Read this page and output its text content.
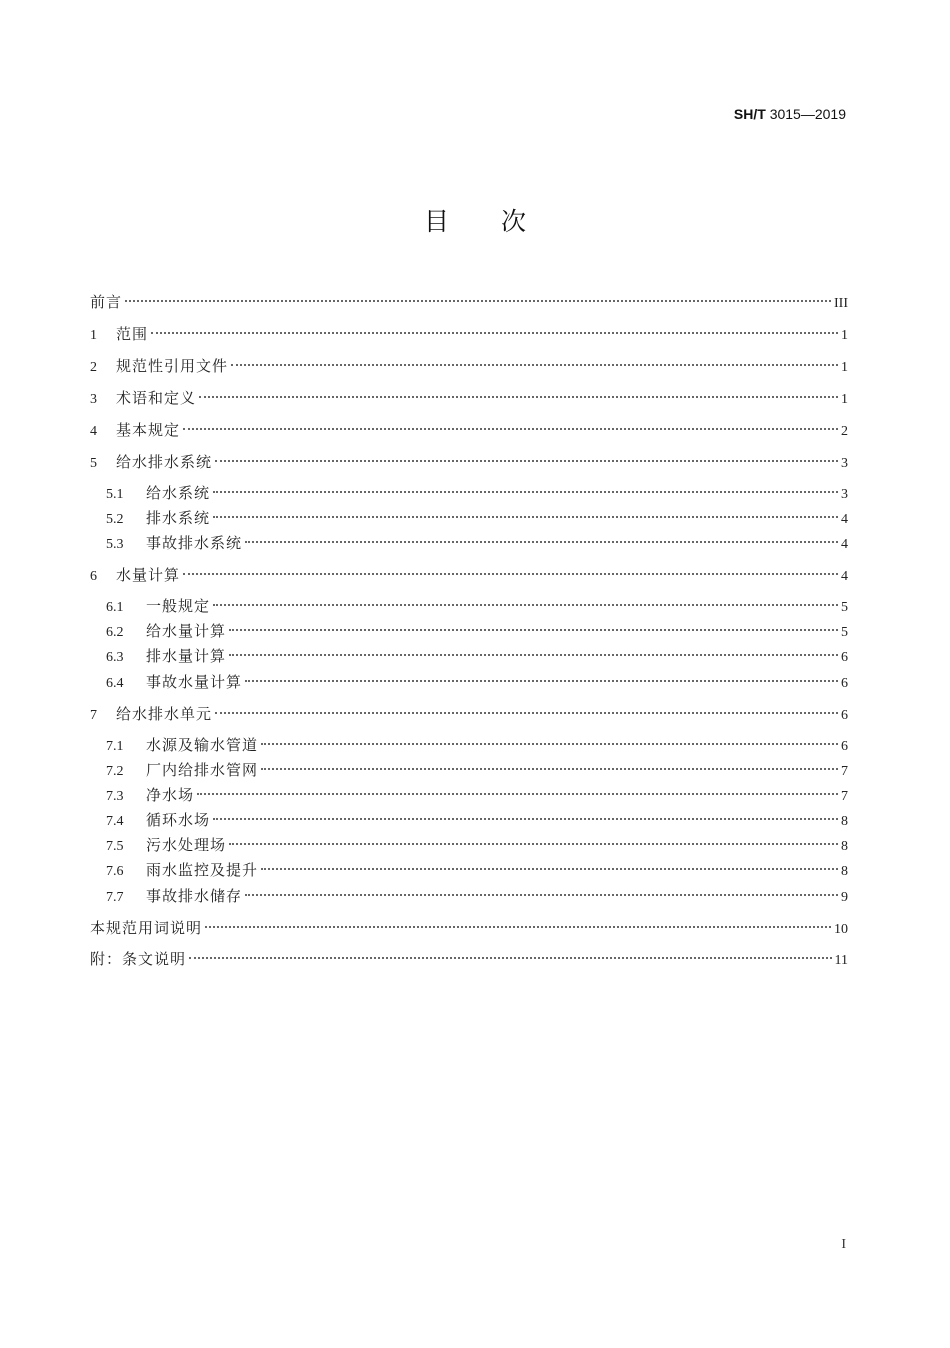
SH/T 3015—2019
目次
前言	III
1	范围	1
2	规范性引用文件	1
3	术语和定义	1
4	基本规定	2
5	给水排水系统	3
5.1	给水系统	3
5.2	排水系统	4
5.3	事故排水系统	4
6	水量计算	4
6.1	一般规定	5
6.2	给水量计算	5
6.3	排水量计算	6
6.4	事故水量计算	6
7	给水排水单元	6
7.1	水源及输水管道	6
7.2	厂内给排水管网	7
7.3	净水场	7
7.4	循环水场	8
7.5	污水处理场	8
7.6	雨水监控及提升	8
7.7	事故排水储存	9
本规范用词说明	10
附：条文说明	11
I
